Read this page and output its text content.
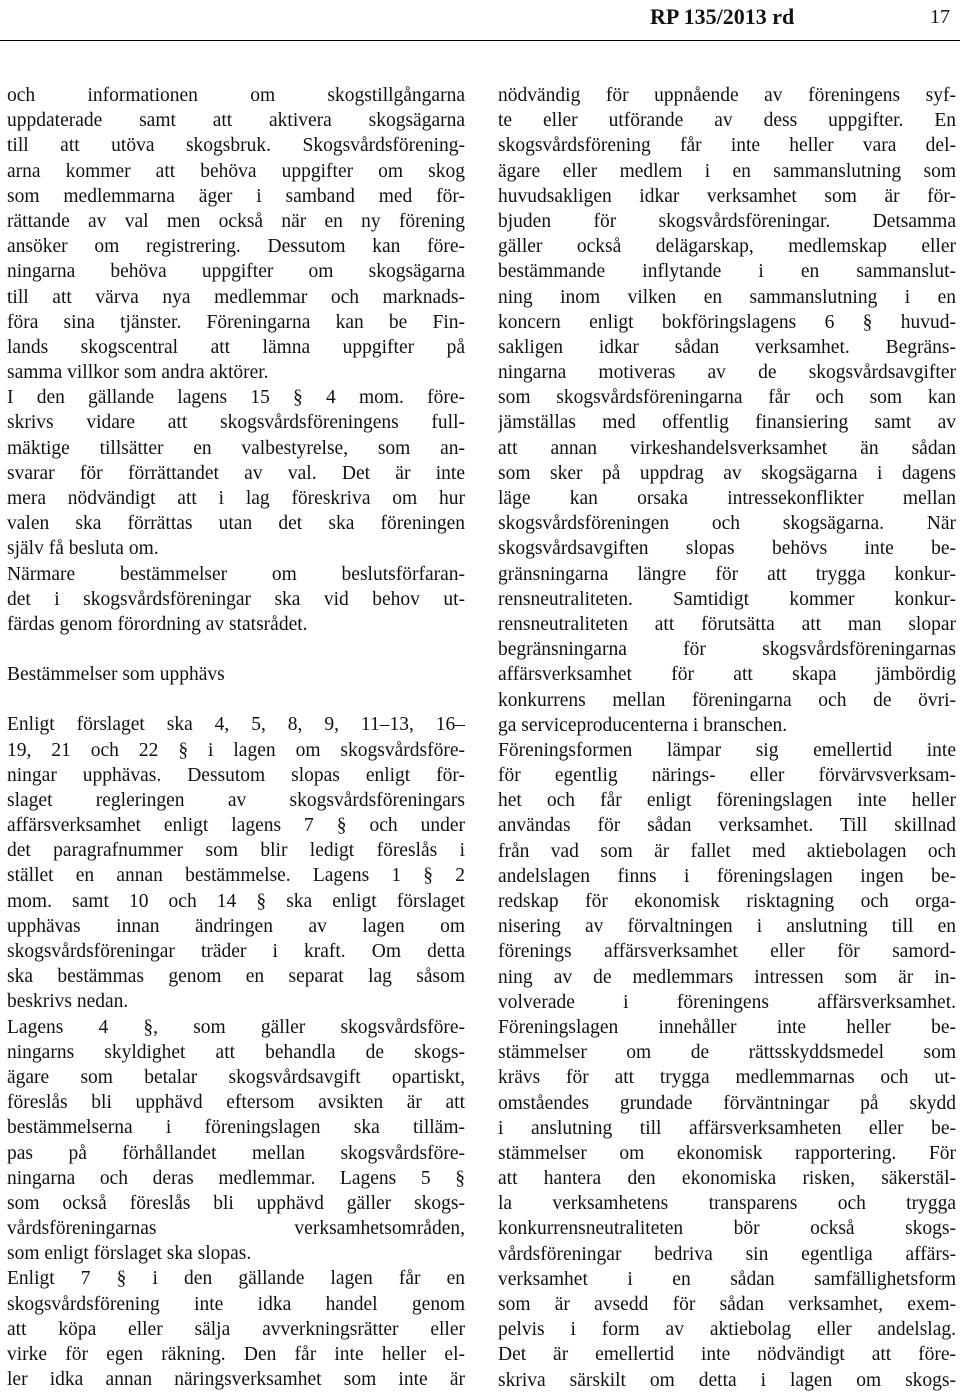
RP 135/2013 rd	17
och informationen om skogstillgångarna
uppdaterade samt att aktivera skogsägarna
till att utöva skogsbruk. Skogsvårdsförening-
arna kommer att behöva uppgifter om skog
som medlemmarna äger i samband med för-
rättande av val men också när en ny förening
ansöker om registrering. Dessutom kan före-
ningarna behöva uppgifter om skogsägarna
till att värva nya medlemmar och marknads-
föra sina tjänster. Föreningarna kan be Fin-
lands skogscentral att lämna uppgifter på
samma villkor som andra aktörer.
I den gällande lagens 15 § 4 mom. före-
skrivs vidare att skogsvårdsföreningens full-
mäktige tillsätter en valbestyrelse, som an-
svarar för förrättandet av val. Det är inte
mera nödvändigt att i lag föreskriva om hur
valen ska förrättas utan det ska föreningen
själv få besluta om.
Närmare bestämmelser om beslutsförfaran-
det i skogsvårdsföreningar ska vid behov ut-
färdas genom förordning av statsrådet.
Bestämmelser som upphävs
Enligt förslaget ska 4, 5, 8, 9, 11–13, 16–
19, 21 och 22 § i lagen om skogsvårdsföre-
ningar upphävas. Dessutom slopas enligt för-
slaget regleringen av skogsvårdsföreningars
affärsverksamhet enligt lagens 7 § och under
det paragrafnummer som blir ledigt föreslås i
stället en annan bestämmelse. Lagens 1 § 2
mom. samt 10 och 14 § ska enligt förslaget
upphävas innan ändringen av lagen om
skogsvårdsföreningar träder i kraft. Om detta
ska bestämmas genom en separat lag såsom
beskrivs nedan.
Lagens 4 §, som gäller skogsvårdsföre-
ningarns skyldighet att behandla de skogs-
ägare som betalar skogsvårdsavgift opartiskt,
föreslås bli upphävd eftersom avsikten är att
bestämmelserna i föreningslagen ska tilläm-
pas på förhållandet mellan skogsvårdsföre-
ningarna och deras medlemmar. Lagens 5 §
som också föreslås bli upphävd gäller skogs-
vårdsföreningarnas verksamhetsområden,
som enligt förslaget ska slopas.
Enligt 7 § i den gällande lagen får en
skogsvårdsförening inte idka handel genom
att köpa eller sälja avverkningsrätter eller
virke för egen räkning. Den får inte heller el-
ler idka annan näringsverksamhet som inte är
nödvändig för uppnående av föreningens syf-
te eller utförande av dess uppgifter. En
skogsvårdsförening får inte heller vara del-
ägare eller medlem i en sammanslutning som
huvudsakligen idkar verksamhet som är för-
bjuden för skogsvårdsföreningar. Detsamma
gäller också delägarskap, medlemskap eller
bestämmande inflytande i en sammanslut-
ning inom vilken en sammanslutning i en
koncern enligt bokföringslagens 6 § huvud-
sakligen idkar sådan verksamhet. Begräns-
ningarna motiveras av de skogsvårdsavgifter
som skogsvårdsföreningarna får och som kan
jämställas med offentlig finansiering samt av
att annan virkeshandelsverksamhet än sådan
som sker på uppdrag av skogsägarna i dagens
läge kan orsaka intressekonflikter mellan
skogsvårdsföreningen och skogsägarna. När
skogsvårdsavgiften slopas behövs inte be-
gränsningarna längre för att trygga konkur-
rensneutraliteten. Samtidigt kommer konkur-
rensneutraliteten att förutsätta att man slopar
begränsningarna för skogsvårdsföreningarnas
affärsverksamhet för att skapa jämbördig
konkurrens mellan föreningarna och de övri-
ga serviceproducenterna i branschen.
Föreningsformen lämpar sig emellertid inte
för egentlig närings- eller förvärvsverksam-
het och får enligt föreningslagen inte heller
användas för sådan verksamhet. Till skillnad
från vad som är fallet med aktiebolagen och
andelslagen finns i föreningslagen ingen be-
redskap för ekonomisk risktagning och orga-
nisering av förvaltningen i anslutning till en
förenings affärsverksamhet eller för samord-
ning av de medlemmars intressen som är in-
volverade i föreningens affärsverksamhet.
Föreningslagen innehåller inte heller be-
stämmelser om de rättsskyddsmedel som
krävs för att trygga medlemmarnas och ut-
omståendes grundade förväntningar på skydd
i anslutning till affärsverksamheten eller be-
stämmelser om ekonomisk rapportering. För
att hantera den ekonomiska risken, säkerstäl-
la verksamhetens transparens och trygga
konkurrensneutraliteten bör också skogs-
vårdsföreningar bedriva sin egentliga affärs-
verksamhet i en sådan samfällighetsform
som är avsedd för sådan verksamhet, exem-
pelvis i form av aktiebolag eller andelslag.
Det är emellertid inte nödvändigt att före-
skriva särskilt om detta i lagen om skogs-
